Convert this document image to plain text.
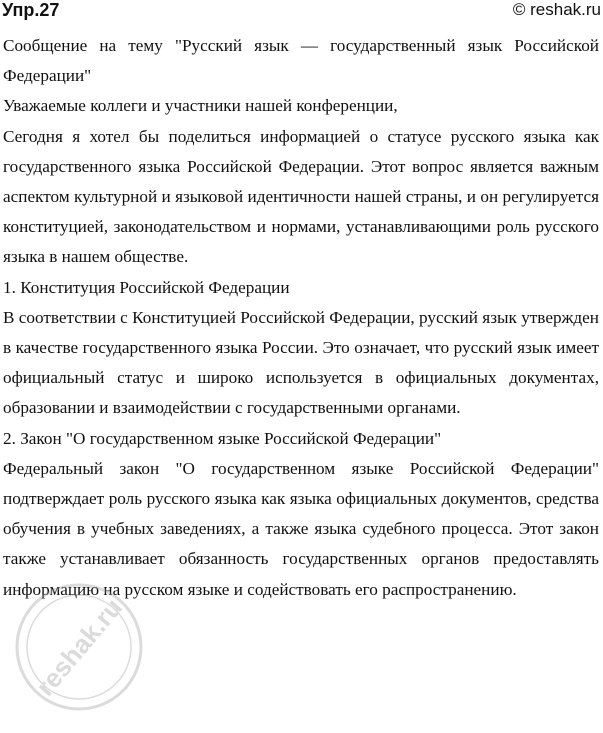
Упр.27	© reshak.ru

Сообщение на тему "Русский язык — государственный язык Российской Федерации"

Уважаемые коллеги и участники нашей конференции,

Сегодня я хотел бы поделиться информацией о статусе русского языка как государственного языка Российской Федерации. Этот вопрос является важным аспектом культурной и языковой идентичности нашей страны, и он регулируется конституцией, законодательством и нормами, устанавливающими роль русского языка в нашем обществе.

1. Конституция Российской Федерации

В соответствии с Конституцией Российской Федерации, русский язык утвержден в качестве государственного языка России. Это означает, что русский язык имеет официальный статус и широко используется в официальных документах, образовании и взаимодействии с государственными органами.

2. Закон "О государственном языке Российской Федерации"

Федеральный закон "О государственном языке Российской Федерации" подтверждает роль русского языка как языка официальных документов, средства обучения в учебных заведениях, а также языка судебного процесса. Этот закон также устанавливает обязанность государственных органов предоставлять информацию на русском языке и содействовать его распространению.

reshak.ru
